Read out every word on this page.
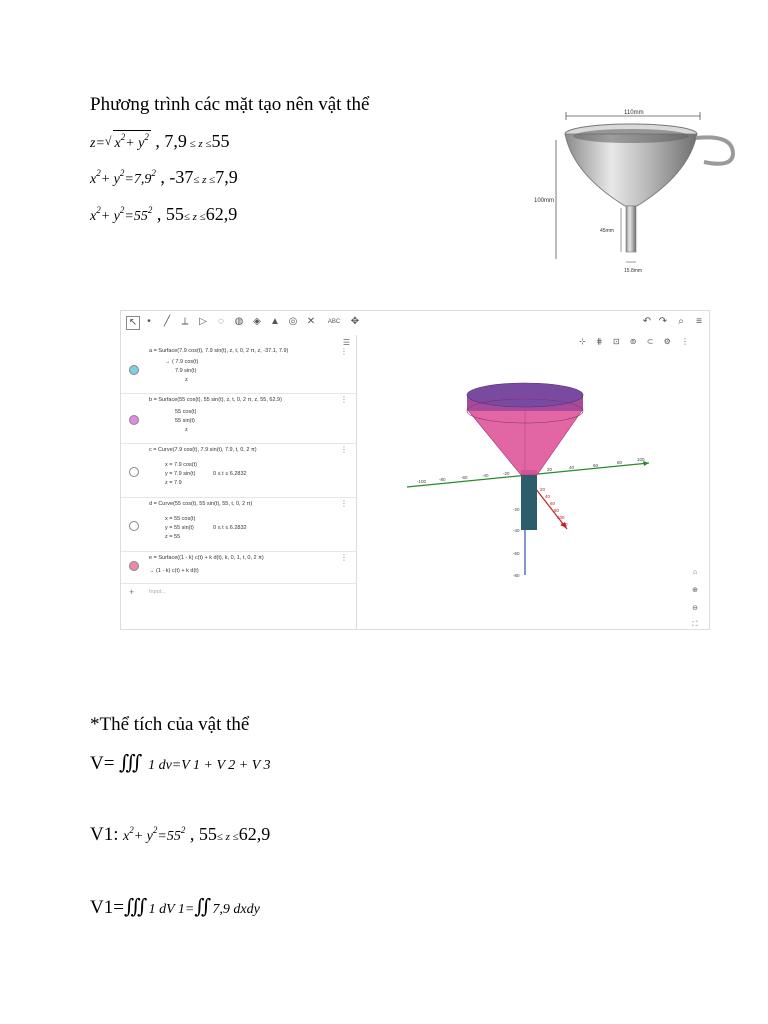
Phương trình các mặt tạo nên vật thể
z=√ $x^2+ y^2$ , 7,9 ≤ z ≤55
$x^2+ y^2=7,9^2$ , -37≤ z ≤7,9
$x^2+ y^2=55^2$ , 55≤ z ≤62,9
110mm
100mm
45mm
15.8mm
↖	•	╱ ⟂ ▷	◌	◍ ◈ ▲ ◎ ✕	ABC ✥	↶ ↷	⌕	≡
☰
a = Surface(7.9 cos(t), 7.9 sin(t), z, t, 0, 2 π, z, -37.1, 7.9)
→ ( 7.9 cos(t)
7.9 sin(t)
z
⋮
b = Surface(55 cos(t), 55 sin(t), z, t, 0, 2 π, z, 55, 62.9)
55 cos(t)
55 sin(t)
z
⋮
c = Curve(7.9 cos(t), 7.9 sin(t), 7.9, t, 0, 2 π)
x = 7.9 cos(t)
y = 7.9 sin(t)
z = 7.9
0 ≤ t ≤ 6.2832
⋮
d = Curve(55 cos(t), 55 sin(t), 55, t, 0, 2 π)
x = 55 cos(t)
y = 55 sin(t)
z = 55
0 ≤ t ≤ 6.2832
⋮
e = Surface((1 - k) c(t) + k d(t), k, 0, 1, t, 0, 2 π)
→ (1 - k) c(t) + k d(t)
⋮
+	Input...
⊹ ⋕ ⊡ ⊚ ⊂ ⚙ ⋮
-100	-80	-60	-40	-20
20	40	60
80
100
-20
-40
-60
-80
20
40
60
80
100
120
⌂
⊕
⊖
⛶
*Thể tích của vật thể
V= ∭ 1 dv=V 1 + V 2 + V 3
V1: $x^2+ y^2=55^2$ , 55≤ z ≤62,9
V1=∭ 1 dV 1=∬ 7,9 dxdy
